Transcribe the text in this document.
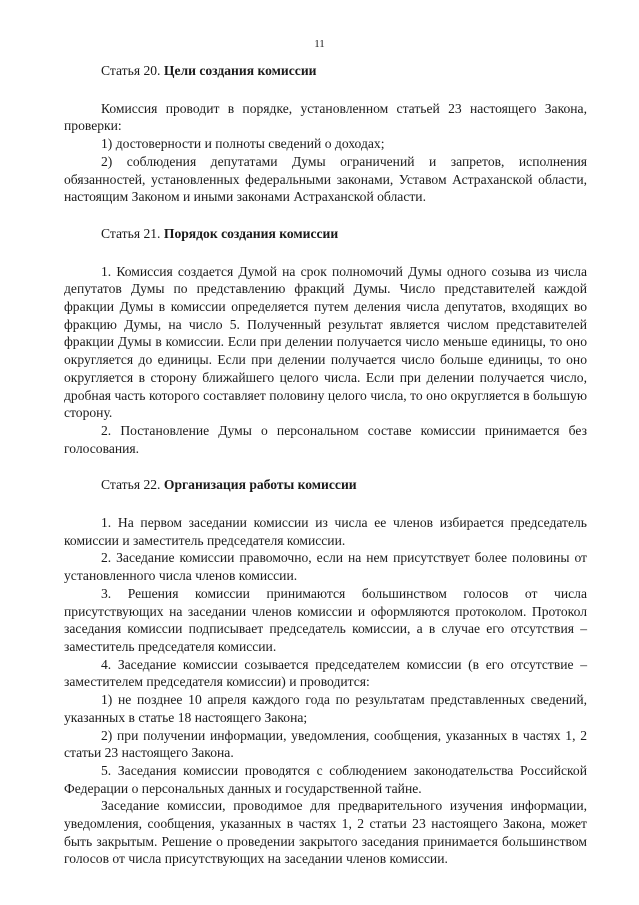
11

Статья 20. Цели создания комиссии

Комиссия проводит в порядке, установленном статьей 23 настоящего Закона, проверки:

1) достоверности и полноты сведений о доходах;

2) соблюдения депутатами Думы ограничений и запретов, исполнения обязанностей, установленных федеральными законами, Уставом Астраханской области, настоящим Законом и иными законами Астраханской области.

Статья 21. Порядок создания комиссии

1. Комиссия создается Думой на срок полномочий Думы одного созыва из числа депутатов Думы по представлению фракций Думы. Число представителей каждой фракции Думы в комиссии определяется путем деления числа депутатов, входящих во фракцию Думы, на число 5. Полученный результат является числом представителей фракции Думы в комиссии. Если при делении получается число меньше единицы, то оно округляется до единицы. Если при делении получается число больше единицы, то оно округляется в сторону ближайшего целого числа. Если при делении получается число, дробная часть которого составляет половину целого числа, то оно округляется в большую сторону.

2. Постановление Думы о персональном составе комиссии принимается без голосования.

Статья 22. Организация работы комиссии

1. На первом заседании комиссии из числа ее членов избирается председатель комиссии и заместитель председателя комиссии.

2. Заседание комиссии правомочно, если на нем присутствует более половины от установленного числа членов комиссии.

3. Решения комиссии принимаются большинством голосов от числа присутствующих на заседании членов комиссии и оформляются протоколом. Протокол заседания комиссии подписывает председатель комиссии, а в случае его отсутствия – заместитель председателя комиссии.

4. Заседание комиссии созывается председателем комиссии (в его отсутствие – заместителем председателя комиссии) и проводится:

1) не позднее 10 апреля каждого года по результатам представленных сведений, указанных в статье 18 настоящего Закона;

2) при получении информации, уведомления, сообщения, указанных в частях 1, 2 статьи 23 настоящего Закона.

5. Заседания комиссии проводятся с соблюдением законодательства Российской Федерации о персональных данных и государственной тайне.

Заседание комиссии, проводимое для предварительного изучения информации, уведомления, сообщения, указанных в частях 1, 2 статьи 23 настоящего Закона, может быть закрытым. Решение о проведении закрытого заседания принимается большинством голосов от числа присутствующих на заседании членов комиссии.
